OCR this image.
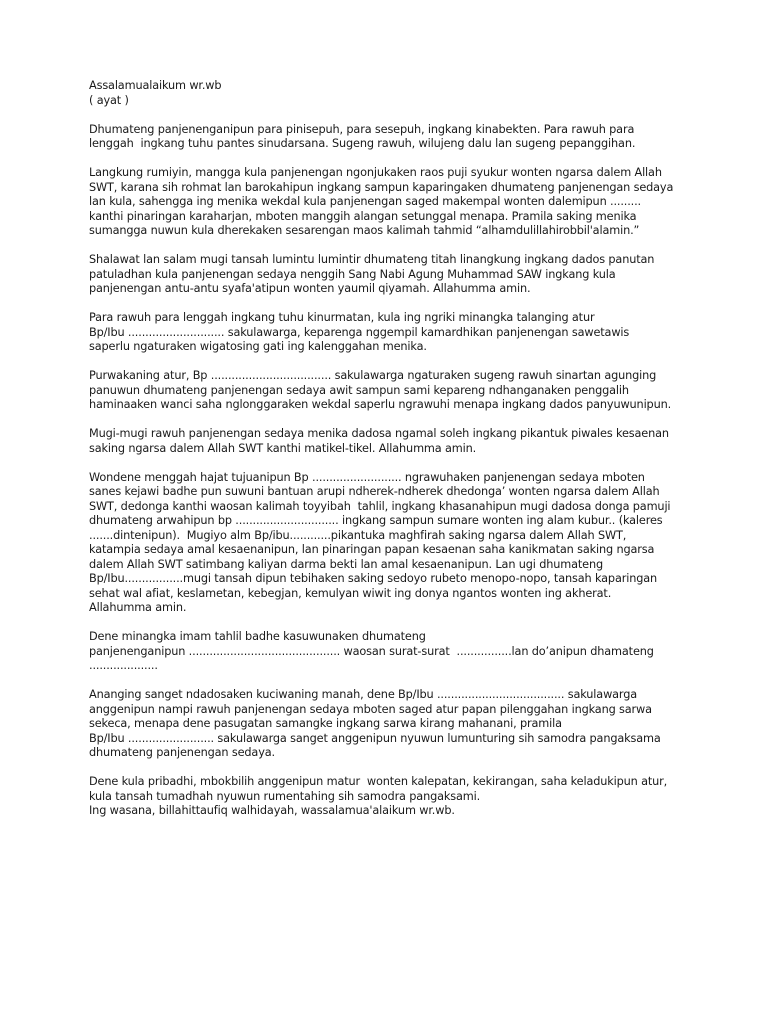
Assalamualaikum wr.wb
( ayat )
Dhumateng panjenenganipun para pinisepuh, para sesepuh, ingkang kinabekten. Para rawuh para
lenggah  ingkang tuhu pantes sinudarsana. Sugeng rawuh, wilujeng dalu lan sugeng pepanggihan.
Langkung rumiyin, mangga kula panjenengan ngonjukaken raos puji syukur wonten ngarsa dalem Allah
SWT, karana sih rohmat lan barokahipun ingkang sampun kaparingaken dhumateng panjenengan sedaya
lan kula, sahengga ing menika wekdal kula panjenengan saged makempal wonten dalemipun .........
kanthi pinaringan karaharjan, mboten manggih alangan setunggal menapa. Pramila saking menika
sumangga nuwun kula dherekaken sesarengan maos kalimah tahmid “alhamdulillahirobbil'alamin.”
Shalawat lan salam mugi tansah lumintu lumintir dhumateng titah linangkung ingkang dados panutan
patuladhan kula panjenengan sedaya nenggih Sang Nabi Agung Muhammad SAW ingkang kula
panjenengan antu-antu syafa'atipun wonten yaumil qiyamah. Allahumma amin.
Para rawuh para lenggah ingkang tuhu kinurmatan, kula ing ngriki minangka talanging atur
Bp/Ibu ............................ sakulawarga, keparenga nggempil kamardhikan panjenengan sawetawis
saperlu ngaturaken wigatosing gati ing kalenggahan menika.
Purwakaning atur, Bp ................................... sakulawarga ngaturaken sugeng rawuh sinartan agunging
panuwun dhumateng panjenengan sedaya awit sampun sami kepareng ndhanganaken penggalih
haminaaken wanci saha nglonggaraken wekdal saperlu ngrawuhi menapa ingkang dados panyuwunipun.
Mugi-mugi rawuh panjenengan sedaya menika dadosa ngamal soleh ingkang pikantuk piwales kesaenan
saking ngarsa dalem Allah SWT kanthi matikel-tikel. Allahumma amin.
Wondene menggah hajat tujuanipun Bp .......................... ngrawuhaken panjenengan sedaya mboten
sanes kejawi badhe pun suwuni bantuan arupi ndherek-ndherek dhedonga’ wonten ngarsa dalem Allah
SWT, dedonga kanthi waosan kalimah toyyibah  tahlil, ingkang khasanahipun mugi dadosa donga pamuji
dhumateng arwahipun bp .............................. ingkang sampun sumare wonten ing alam kubur.. (kaleres
.......dintenipun).  Mugiyo alm Bp/ibu............pikantuka maghfirah saking ngarsa dalem Allah SWT,
katampia sedaya amal kesaenanipun, lan pinaringan papan kesaenan saha kanikmatan saking ngarsa
dalem Allah SWT satimbang kaliyan darma bekti lan amal kesaenanipun. Lan ugi dhumateng
Bp/Ibu.................mugi tansah dipun tebihaken saking sedoyo rubeto menopo-nopo, tansah kaparingan
sehat wal afiat, keslametan, kebegjan, kemulyan wiwit ing donya ngantos wonten ing akherat.
Allahumma amin.
Dene minangka imam tahlil badhe kasuwunaken dhumateng
panjenenganipun ............................................ waosan surat-surat  ................lan do’anipun dhamateng
....................
Ananging sanget ndadosaken kuciwaning manah, dene Bp/Ibu ..................................... sakulawarga
anggenipun nampi rawuh panjenengan sedaya mboten saged atur papan pilenggahan ingkang sarwa
sekeca, menapa dene pasugatan samangke ingkang sarwa kirang mahanani, pramila
Bp/Ibu ......................... sakulawarga sanget anggenipun nyuwun lumunturing sih samodra pangaksama
dhumateng panjenengan sedaya.
Dene kula pribadhi, mbokbilih anggenipun matur  wonten kalepatan, kekirangan, saha keladukipun atur,
kula tansah tumadhah nyuwun rumentahing sih samodra pangaksami.
Ing wasana, billahittaufiq walhidayah, wassalamua'alaikum wr.wb.
